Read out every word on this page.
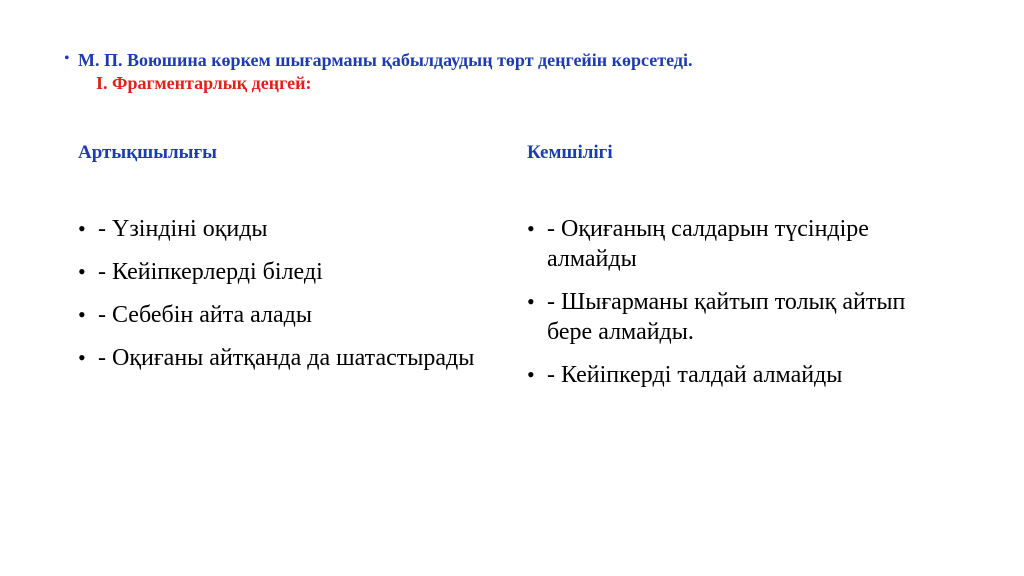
• М. П. Воюшина көркем шығарманы қабылдаудың төрт деңгейін көрсетеді.
І. Фрагментарлық деңгей:
Артықшылығы	Кемшілігі
• - Үзіндіні оқиды
• - Кейіпкерлерді біледі
• - Себебін айта алады
• - Оқиғаны айтқанда да шатастырады
• - Оқиғаның салдарын түсіндіре алмайды
• - Шығарманы қайтып толық айтып бере алмайды.
• - Кейіпкерді талдай алмайды
